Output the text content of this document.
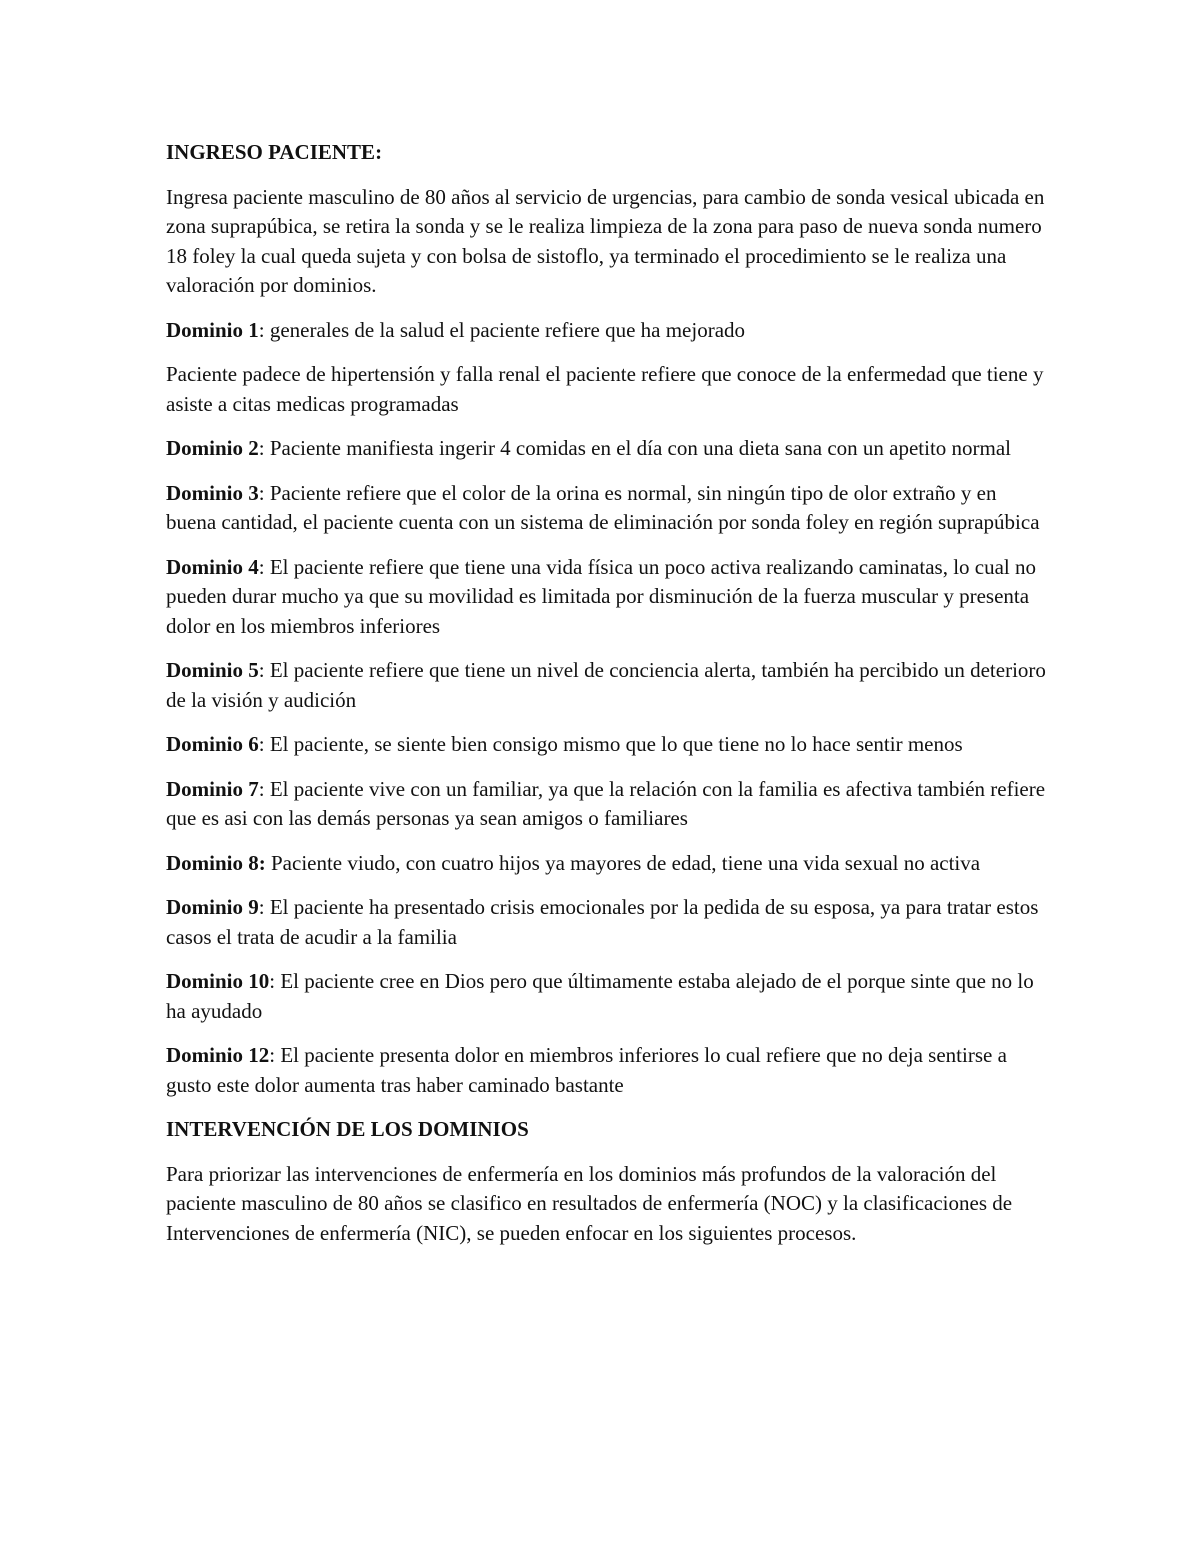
INGRESO PACIENTE:

Ingresa paciente masculino de 80 años al servicio de urgencias, para cambio de sonda vesical ubicada en zona suprapúbica, se retira la sonda y se le realiza limpieza de la zona para paso de nueva sonda numero 18 foley la cual queda sujeta y con bolsa de sistoflo, ya terminado el procedimiento se le realiza una valoración por dominios.

Dominio 1: generales de la salud el paciente refiere que ha mejorado

Paciente padece de hipertensión y falla renal el paciente refiere que conoce de la enfermedad que tiene y asiste a citas medicas programadas

Dominio 2: Paciente manifiesta ingerir 4 comidas en el día con una dieta sana con un apetito normal

Dominio 3: Paciente refiere que el color de la orina es normal, sin ningún tipo de olor extraño y en buena cantidad, el paciente cuenta con un sistema de eliminación por sonda foley en región suprapúbica

Dominio 4: El paciente refiere que tiene una vida física un poco activa realizando caminatas, lo cual no pueden durar mucho ya que su movilidad es limitada por disminución de la fuerza muscular y presenta dolor en los miembros inferiores

Dominio 5: El paciente refiere que tiene un nivel de conciencia alerta, también ha percibido un deterioro de la visión y audición

Dominio 6: El paciente, se siente bien consigo mismo que lo que tiene no lo hace sentir menos

Dominio 7: El paciente vive con un familiar, ya que la relación con la familia es afectiva también refiere que es asi con las demás personas ya sean amigos o familiares

Dominio 8: Paciente viudo, con cuatro hijos ya mayores de edad, tiene una vida sexual no activa

Dominio 9: El paciente ha presentado crisis emocionales por la pedida de su esposa, ya para tratar estos casos el trata de acudir a la familia

Dominio 10: El paciente cree en Dios pero que últimamente estaba alejado de el porque sinte que no lo ha ayudado

Dominio 12: El paciente presenta dolor en miembros inferiores lo cual refiere que no deja sentirse a gusto este dolor aumenta tras haber caminado bastante

INTERVENCIÓN DE LOS DOMINIOS

Para priorizar las intervenciones de enfermería en los dominios más profundos de la valoración del paciente masculino de 80 años se clasifico en resultados de enfermería (NOC) y la clasificaciones de Intervenciones de enfermería (NIC), se pueden enfocar en los siguientes procesos.
